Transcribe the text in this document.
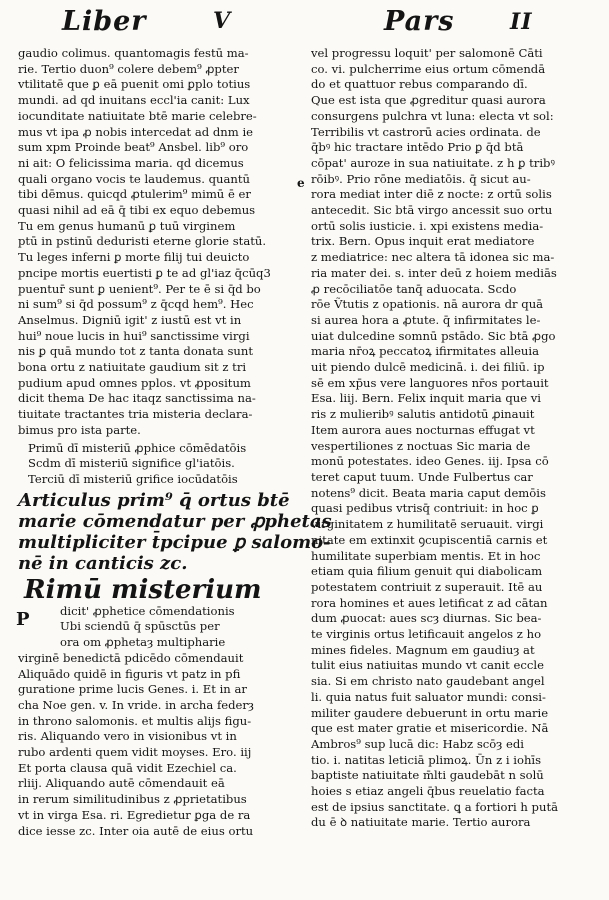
Liber	V	Pars	II
e
gaudio colimus. quantomagis festū ma-
rie. Tertio duon⁹ colere debem⁹ ꝓpter
vtilitatē que ꝑ eā puenit omi ꝑplo totius
mundi. ad qd inuitans eccl'ia canit: Lux
iocunditate natiuitate btē marie celebre-
mus vt ipa ꝓ nobis intercedat ad dnm ie
sum xpm Proinde beat⁹ Ansbel. lib⁹ oro
ni ait: O felicissima maria. qd dicemus
quali organo vocis te laudemus. quantū
tibi dēmus. quicqd ꝓtulerim⁹ mimū ē er
quasi nihil ad eā q̄ tibi ex equo debemus
Tu em genus humanū ꝑ tuū virginem
ptū in pstinū deduristi eterne glorie statū.
Tu leges inferni ꝑ morte filij tui deuicto
pncipe mortis euertisti ꝑ te ad gl'iaz q̄cūq3
puentur̄ sunt ꝑ uenient⁹. Per te ē si q̄d bo
ni sum⁹ si q̄d possum⁹ z q̄cqd hem⁹. Hec
Anselmus. Digniū igit' z iustū est vt in
hui⁹ noue lucis in hui⁹ sanctissime virgi
nis ꝑ quā mundo tot z tanta donata sunt
bona ortu z natiuitate gaudium sit z tri
pudium apud omnes pplos. vt ꝓpositum
dicit thema De hac itaqz sanctissima na-
tiuitate tractantes tria misteria declara-
bimus pro ista parte.
Primū dī misteriū ꝓphice cōmēdatōis
Scdm dī misteriū significe gl'iatōis.
Terciū dī misteriū grifice iocūdatōis
Articulus prim⁹ q̄ ortus btē
marie cōmendatur per ꝓphetas
multipliciter t̄pcipue ꝑ salomo-
nē in canticis zc.
Rimū misterium
P	dicit' ꝓphetice cōmendationis
Ubi sciendū q̄ spūsctūs per
ora om ꝓphetaȝ multipharie
virginē benedictā pdicēdo cōmendauit
Aliquādo quidē in figuris vt patz in pfi
guratione prime lucis Genes. i. Et in ar
cha Noe gen. v. In vride. in archa federȝ
in throno salomonis. et multis alijs figu-
ris. Aliquando vero in visionibus vt in
rubo ardenti quem vidit moyses. Ero. iij
Et porta clausa quā vidit Ezechiel ca.
rliij. Aliquando autē cōmendauit eā
in rerum similitudinibus z ꝓprietatibus
vt in virga Esa. ri. Egredietur ꝑga de ra
dice iesse zc. Inter oia autē de eius ortu
vel progressu loquit' per salomonē Cāti
co. vi. pulcherrime eius ortum cōmendā
do et quattuor rebus comparando dī.
Que est ista que ꝓgreditur quasi aurora
consurgens pulchra vt luna: electa vt sol:
Terribilis vt castrorū acies ordinata. de
q̄bꝰ hic tractare intēdo Prio ꝑ q̄d btā
cōpat' auroze in sua natiuitate. z h ꝑ tribꝰ
rōibꝰ. Prio rōne mediatōis. q̄ sicut au-
rora mediat inter diē z nocte: z ortū solis
antecedit. Sic btā virgo ancessit suo ortu
ortū solis iusticie. i. xpi existens media-
trix. Bern. Opus inquit erat mediatore
z mediatrice: nec altera tā idonea sic ma-
ria mater dei. s. inter deū z hoiem mediās
ꝓ recōciliatōe tanq̄ aduocata. Scdo
rōe Ṽtutis z opationis. nā aurora dr quā
si aurea hora a ꝓtute. q̄ infirmitates le-
uiat dulcedine somnū pstādo. Sic btā ꝓgo
maria nr̄oꝝ peccatoꝝ ifirmitates alleuia
uit piendo dulcē medicinā. i. dei filiū. ip
sē em xp̄us vere languores nr̄os portauit
Esa. liij. Bern. Felix inquit maria que vi
ris z mulieribꝰ salutis antidotū ꝓinauit
Item aurora aues nocturnas effugat vt
vespertiliones z noctuas Sic maria de
monū potestates. ideo Genes. iij. Ipsa cō
teret caput tuum. Unde Fulbertus car
notens⁹ dicit. Beata maria caput demōis
quasi pedibus vtrisq̄ contriuit: in hoc ꝑ
virginitatem z humilitatē seruauit. virgi
nitate em extinxit ꝯcupiscentiā carnis et
humilitate superbiam mentis. Et in hoc
etiam quia filium genuit qui diabolicam
potestatem contriuit z superauit. Itē au
rora homines et aues letificat z ad cātan
dum ꝓuocat: aues scȝ diurnas. Sic bea-
te virginis ortus letificauit angelos z ho
mines fideles. Magnum em gaudiuȝ at
tulit eius natiuitas mundo vt canit eccle
sia. Si em christo nato gaudebant angel
li. quia natus fuit saluator mundi: consi-
militer gaudere debuerunt in ortu marie
que est mater gratie et misericordie. Nā
Ambros⁹ sup lucā dic: Habz scōȝ edi
tio. i. natitas leticiā plimoꝝ. Ūn z i iohīs
baptiste natiuitate m̄lti gaudebāt n solū
hoies s etiaz angeli q̄bus reuelatio facta
est de ipsius sanctitate. ꝗ a fortiori h putā
du ē ꝺ natiuitate marie. Tertio aurora
